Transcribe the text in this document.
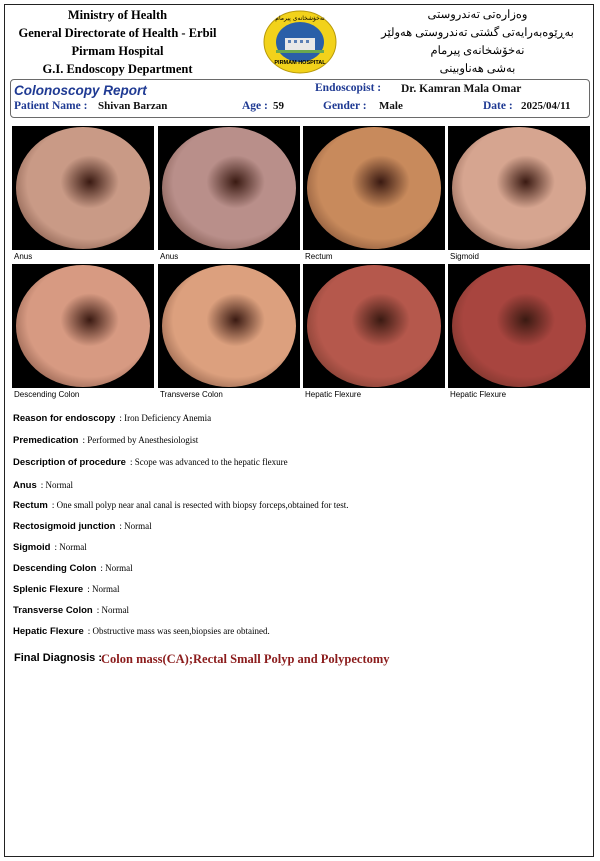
Ministry of Health
General Directorate of Health - Erbil
Pirmam Hospital
G.I. Endoscopy Department
نەخۆشخانەی پیرمام
PIRMAM HOSPITAL
وەزارەتی تەندروستی
بەڕێوەبەرایەتی گشتی تەندروستی هەولێر
نەخۆشخانەی پیرمام
بەشی هەناوبینی
Colonoscopy Report	Endoscopist : Dr. Kamran Mala Omar
Patient Name : Shivan Barzan	Age : 59	Gender : Male	Date : 2025/04/11
Anus	Anus	Rectum	Sigmoid
Descending Colon	Transverse Colon	Hepatic Flexure	Hepatic Flexure
Reason for endoscopy : Iron Deficiency Anemia
Premedication : Performed by Anesthesiologist
Description of procedure : Scope was advanced to the hepatic flexure
Anus : Normal
Rectum : One small polyp near anal canal is resected with biopsy forceps,obtained for test.
Rectosigmoid junction : Normal
Sigmoid : Normal
Descending Colon : Normal
Splenic Flexure : Normal
Transverse Colon : Normal
Hepatic Flexure : Obstructive mass was seen,biopsies are obtained.
Final Diagnosis :
Colon mass(CA);Rectal Small Polyp and Polypectomy
